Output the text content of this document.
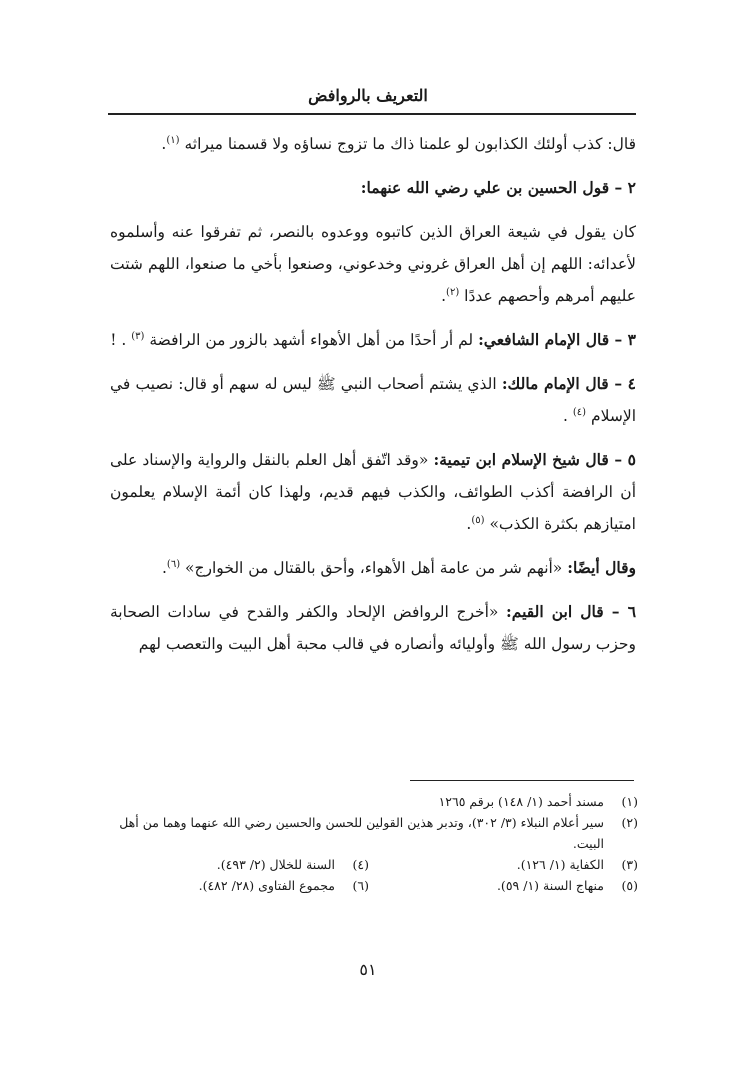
التعريف بالروافض

قال: كذب أولئك الكذابون لو علمنا ذاك ما تزوج نساؤه ولا قسمنا ميراثه $^{(١)}$.

٢ – قول الحسين بن علي رضي الله عنهما:

كان يقول في شيعة العراق الذين كاتبوه ووعدوه بالنصر، ثم تفرقوا عنه وأسلموه لأعدائه: اللهم إن أهل العراق غروني وخدعوني، وصنعوا بأخي ما صنعوا، اللهم شتت عليهم أمرهم وأحصهم عددًا $^{(٢)}$.

٣ – قال الإمام الشافعي: لم أر أحدًا من أهل الأهواء أشهد بالزور من الرافضة $^{(٣)}$ . !

٤ – قال الإمام مالك: الذي يشتم أصحاب النبي ﷺ ليس له سهم أو قال: نصيب في الإسلام $^{(٤)}$ .

٥ – قال شيخ الإسلام ابن تيمية: «وقد اتّفق أهل العلم بالنقل والرواية والإسناد على أن الرافضة أكذب الطوائف، والكذب فيهم قديم، ولهذا كان أئمة الإسلام يعلمون امتيازهم بكثرة الكذب» $^{(٥)}$.

وقال أيضًا: «أنهم شر من عامة أهل الأهواء، وأحق بالقتال من الخوارج» $^{(٦)}$.

٦ – قال ابن القيم: «أخرج الروافض الإلحاد والكفر والقدح في سادات الصحابة وحزب رسول الله ﷺ وأوليائه وأنصاره في قالب محبة أهل البيت والتعصب لهم

(١)
مسند أحمد (١/ ١٤٨) برقم ١٢٦٥
(٢)
سير أعلام النبلاء (٣/ ٣٠٢)، وتدبر هذين القولين للحسن والحسين رضي الله عنهما وهما من أهل البيت.
(٣)
الكفاية (١/ ١٢٦).
(٤)
السنة للخلال (٢/ ٤٩٣).
(٥)
منهاج السنة (١/ ٥٩).
(٦)
مجموع الفتاوى (٢٨/ ٤٨٢).
٥١
